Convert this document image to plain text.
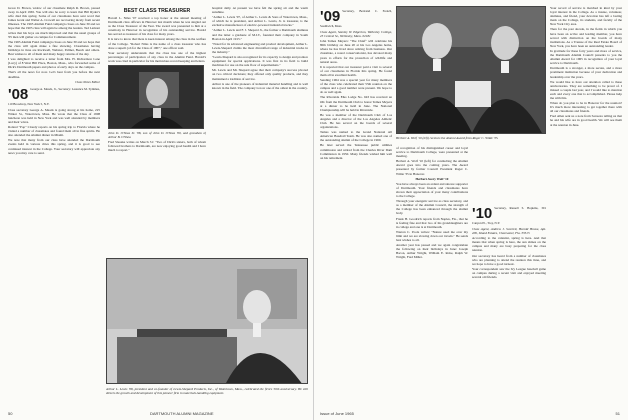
Grace D. Brown, widow of our classmate Ralph R. Brown, passed away in April 1965. You will also be sorry to learn that Bill Ryder's wife died this spring. Some of our classmates have sent word that James Grant and Walter A. Crowell are recovering nicely from recent illnesses. The 1965 Alumni Fund campaign closes on June 30 and we hope that the 1905 class will again be among the leaders. Ted Lamont writes that his boys are much improved and that the usual groups of '05 men will gather on campus for Commencement.

The 1965 Alumni Fund campaign closes on June 30 and we hope that the class will again make a fine showing. Classmates having birthdays in June are Rockwell, Webster, Palmer, Beech and others. Best wishes to all of them and many happy returns of the day.

I was delighted to receive a letter from Mrs. H. Richardson Lane (Lucy) of 8 West Hill Place, Boston, Mass., who forwarded some of Dick's Dartmouth papers and photos of early days on the campus.

That's all the news for now. Let's hear from you before the next deadline.

Class Notes Editor

'08 George A. Meads, Jr., Secretary: Laurence M. Symmes, 110 Broadway, New York 5, N.Y.

Class secretary George A. Meads is going strong at his home, 225 Winter St., Watertown, Mass. He wrote that the Class of 1908 luncheon was held in New York and was well attended by members and their wives.

Roland "Pop" Cloudy reports on his spring trip to Florida where he visited a number of classmates and found them all in fine spirits. He also attended the Alumni dinner in Miami.

We note that many from our class have attended the Dartmouth events held in various cities this spring, and it is good to see continued interest in the College. Your secretary will appreciate any news you may care to send.

BEST CLASS TREASURER

Harold L. Niles '07 received a top honor at the annual meeting of Dartmouth class officers in Hanover last month when he was singled out as the Class Treasurer of the Year. The award was presented to him at a ceremony in Hanover in recognition of his outstanding service. Harold has served as treasurer of his class for many years.

It is nice to know that there is keen interest among the class in the welfare of the College. "Robert Niles is the name of a class treasurer who has done a superb job for the Class of 1907," one officer said.

Your secretary understands that the class has one of the highest percentages of participation of any class in the Alumni Fund. Harold's work was cited in particular for his meticulous record keeping and letters.

John D. O'Shea Sr. '08, son of John D. O'Shea '00, and grandson of Arthur B. O'Shea

Fred Sleaske writes on March 31: "Two of Dick's sisters, both of whom followed brothers to Dartmouth, are now enjoying good health and I have much to report."

hospital daily. At present we have felt the spring air and the warm sunshine.

"Arthur L. Lewis '07, of Arthur L. Lewis & Sons of Watertown, Mass., of which he is president, and Arthur L. Lewis, Jr. is treasurer, is the exclusive manufacturer of electric-powered industrial trucks."

"Arthur L. Lewis and F. J. Shepard Jr., the former a Dartmouth alumnus and the latter a graduate of M.I.T., founded their company in South Boston in April 1915."

"Noted for its advanced engineering and product development, Arthur L. Lewis-Shepard claims the most diversified range of industrial trucks in the industry."

"Lewis-Shepard is also recognized for its capacity to design and produce equipment for special applications. It was first in its field to build machines for use on the sale floor of supermarkets."

Mr. Lewis and Mr. Shepard agree that their company's success pivoted on two critical decisions; they offered only quality products, and they maintained a tradition of service.

Arthur is one of the pioneers of industrial material handling and is well known in the field. The company is now one of the oldest in the country.

Arthur L. Lewis '08, president and co-founder of Lewis-Shepard Products, Inc., of Watertown, Mass., celebrated the firm's 50th anniversary. He still directs the growth and development of this pioneer firm in materials-handling equipment.
50	DARTMOUTH ALUMNI MAGAZINE
'09 Secretary, Bertrand C. French, Southwich, Mass.

Class Agent, Stanley W. Edgerton, Wellesley College, 25 Central St., Wellesley, Mass. 02181

John Temes Meyers: "The Chief" will celebrate his 80th birthday on June 20 at his Los Angeles home, where he has lived since retiring from business. Our classmate, a noted conservationist, has devoted many years to efforts for the protection of wildlife and natural areas.

It is reported that our treasurer paid a visit to several of our classmates in Florida this spring. He found them all in excellent health.

Sending 1964 was a special year for many members of the class who celebrated their 55th reunion on the campus and a good number were present. We hope to do as well again.

The Riverside Elks Lodge No. 643 has received an OK from the Dartmouth Club to honor Temes Meyers at a dinner to be held in June. The National Championship will be held in Riverside.

He was a member of the Dartmouth Club of Los Angeles and a director of the Los Angeles Athletic Club. He has served on the boards of several organizations.

Temes was named to the Grand National All American Baseball Team. He was also named one of the outstanding alumni of the College in 1960.

He later served the Tennessee public utilities commission and retired from the Charles River Dam Commission in 1950. Many friends wished him well on his retirement.

Herbert A. Wolf '10 (left) receives the Alumni Award from Roger C. Wilde '35.

of recognition of his distinguished career and loyal service to Dartmouth College, were presented at the meeting.

Herbert A. Wolf '10 (left) for conducting the Alumni Award goes into the coming years. The Award presented by former Council President Roger C. Wilde '35 in Hanover.

Herbert Avery Wolf '10

You have always been an ardent and sincere supporter of Dartmouth. Your friends and classmates have shown their appreciation of your many contributions to the College.

Through your energetic service as class secretary, and as a member of the Alumni Council, the strength of the College has been enhanced through the alumni body.

Frank H. Goodrich reports from Naples, Fla., that he is feeling fine and that two of his granddaughters are in college and one is at Dartmouth.

Warren C. Poole writes: "Nature used me over my limit and we are slowing down our travels." He sends best wishes to all.

Another year has passed and we again congratulate the following on their birthdays in June: Joseph Bacon, Arthur Wright, William E. Rohe, Ralph W. Wright, Fred Miller.

'10 Secretary, Russell S. Hopkins, 301 Canyon Pl., Troy, N.Y.

Class Agent, Andrew J. Scarlett, Harold House, Apt. 206, Island Estates, Clearwater, Fla. 33515

According to the calendar, spring is here. And that means that when spring is here, the sun shines on the campus and many are busy preparing for the class reunion.

Our secretary has heard from a number of classmates who are planning to attend the reunion this June, and we hope to have a good turnout.

Your correspondent saw the Ivy League baseball game on campus during a recent visit and enjoyed meeting several old friends.

Your record of service is matched in kind by your loyal interest in the College. As a trustee, volunteer, alumnus, and friend, your devotion has left a lasting mark on the College, its students, and faculty of the New York City area.

Then for the past decade, in the fields in which you have been an active and leading member, you have served with distinction on the boards of many institutions. As a Trustee of the Real Estate Board of New York, you have been an outstanding leader.

In gratitude for these forty years and more of service, the Dartmouth Alumni Council presents to you the Alumni Award for 1965 in recognition of your loyal service to Dartmouth.

Dartmouth is a stronger, a more secure, and a more prominent institution because of your dedication and leadership over the years.

We would like to have our attention called to these anniversaries. They are something to be proud of. I missed a couple last year, and I would like to mention each and every one that is accomplished. Please help me with this.

When do you plan to be in Hanover for the reunion? It's much more interesting to get together there with all our classmates and friends.

Fred Allen sent us a note from Sarasota telling us that he and his wife are in good health. We will see them at the reunion in June.

Issue of June 1965	51
